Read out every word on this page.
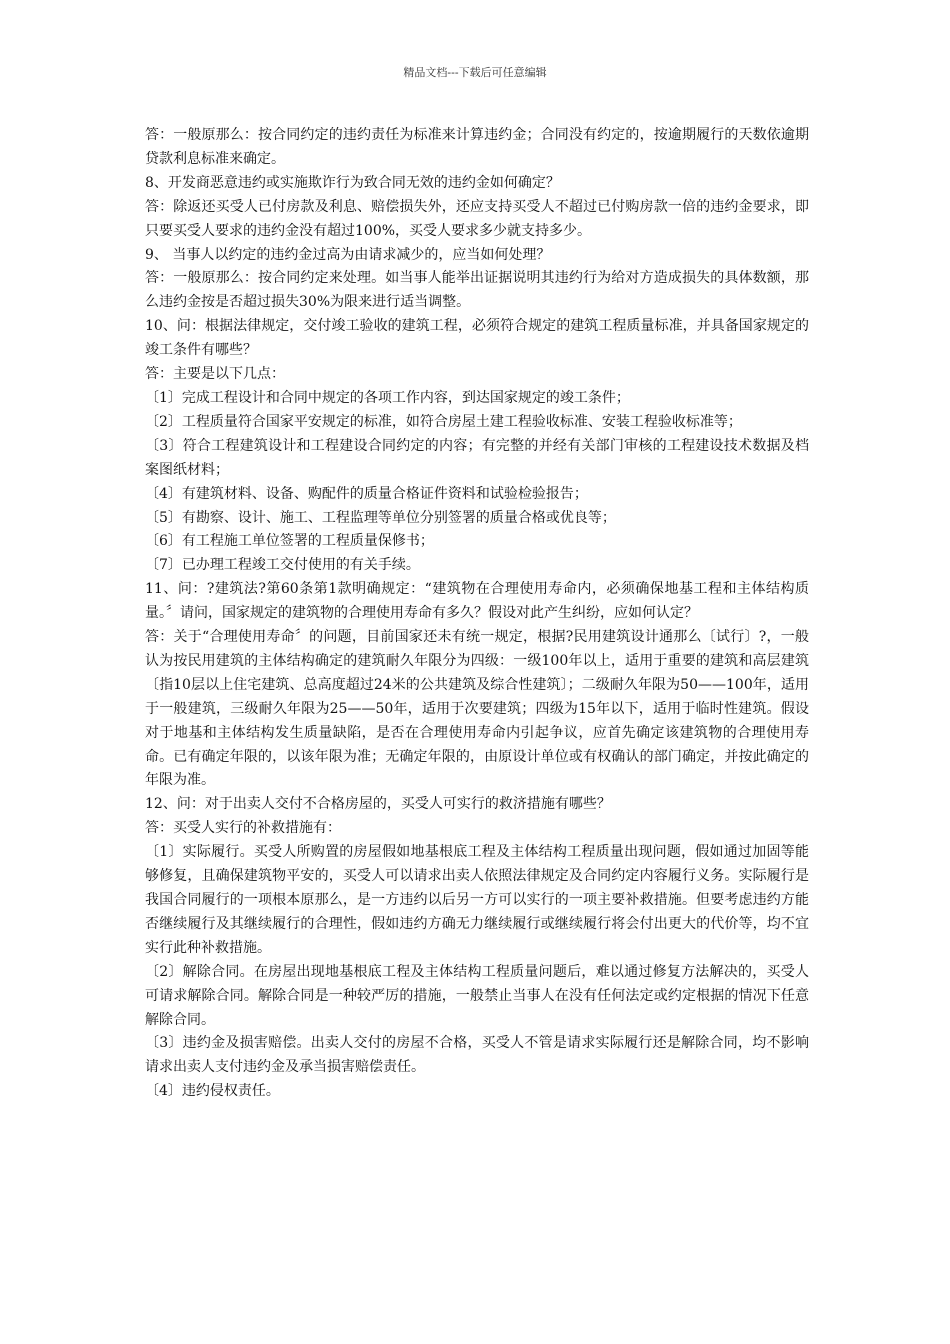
精品文档---下载后可任意编辑

答：一般原那么：按合同约定的违约责任为标准来计算违约金；合同没有约定的，按逾期履行的天数依逾期贷款利息标准来确定。

8、开发商恶意违约或实施欺诈行为致合同无效的违约金如何确定？

答：除返还买受人已付房款及利息、赔偿损失外，还应支持买受人不超过已付购房款一倍的违约金要求，即只要买受人要求的违约金没有超过100%，买受人要求多少就支持多少。

9、 当事人以约定的违约金过高为由请求减少的，应当如何处理？

答：一般原那么：按合同约定来处理。如当事人能举出证据说明其违约行为给对方造成损失的具体数额，那么违约金按是否超过损失30%为限来进行适当调整。

10、问：根据法律规定，交付竣工验收的建筑工程，必须符合规定的建筑工程质量标准，并具备国家规定的竣工条件有哪些？

答：主要是以下几点：

〔1〕完成工程设计和合同中规定的各项工作内容，到达国家规定的竣工条件；

〔2〕工程质量符合国家平安规定的标准，如符合房屋土建工程验收标准、安装工程验收标准等；

〔3〕符合工程建筑设计和工程建设合同约定的内容；有完整的并经有关部门审核的工程建设技术数据及档案图纸材料；

〔4〕有建筑材料、设备、购配件的质量合格证件资料和试验检验报告；

〔5〕有勘察、设计、施工、工程监理等单位分别签署的质量合格或优良等；

〔6〕有工程施工单位签署的工程质量保修书；

〔7〕已办理工程竣工交付使用的有关手续。

11、问：?建筑法?第60条第1款明确规定：“建筑物在合理使用寿命内，必须确保地基工程和主体结构质量。〞请问，国家规定的建筑物的合理使用寿命有多久？假设对此产生纠纷，应如何认定？

答：关于“合理使用寿命〞的问题，目前国家还未有统一规定，根据?民用建筑设计通那么〔试行〕?，一般认为按民用建筑的主体结构确定的建筑耐久年限分为四级：一级100年以上，适用于重要的建筑和高层建筑〔指10层以上住宅建筑、总高度超过24米的公共建筑及综合性建筑〕；二级耐久年限为50——100年，适用于一般建筑，三级耐久年限为25——50年，适用于次要建筑；四级为15年以下，适用于临时性建筑。假设对于地基和主体结构发生质量缺陷，是否在合理使用寿命内引起争议，应首先确定该建筑物的合理使用寿命。已有确定年限的，以该年限为准；无确定年限的，由原设计单位或有权确认的部门确定，并按此确定的年限为准。

12、问：对于出卖人交付不合格房屋的，买受人可实行的救济措施有哪些？

答：买受人实行的补救措施有：

〔1〕实际履行。买受人所购置的房屋假如地基根底工程及主体结构工程质量出现问题，假如通过加固等能够修复，且确保建筑物平安的，买受人可以请求出卖人依照法律规定及合同约定内容履行义务。实际履行是我国合同履行的一项根本原那么，是一方违约以后另一方可以实行的一项主要补救措施。但要考虑违约方能否继续履行及其继续履行的合理性，假如违约方确无力继续履行或继续履行将会付出更大的代价等，均不宜实行此种补救措施。

〔2〕解除合同。在房屋出现地基根底工程及主体结构工程质量问题后，难以通过修复方法解决的，买受人可请求解除合同。解除合同是一种较严厉的措施，一般禁止当事人在没有任何法定或约定根据的情况下任意解除合同。

〔3〕违约金及损害赔偿。出卖人交付的房屋不合格，买受人不管是请求实际履行还是解除合同，均不影响请求出卖人支付违约金及承当损害赔偿责任。

〔4〕违约侵权责任。
